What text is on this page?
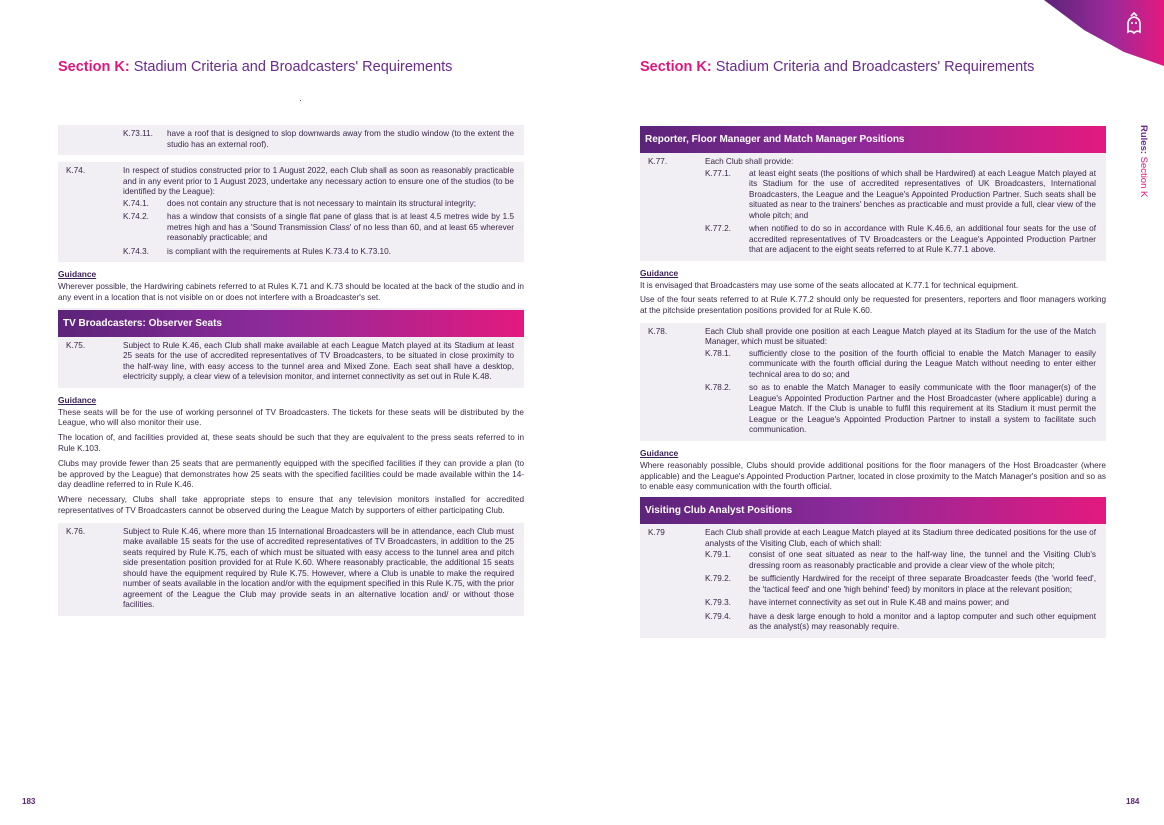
Section K: Stadium Criteria and Broadcasters' Requirements
K.73.11.	have a roof that is designed to slop downwards away from the studio window (to the extent the studio has an external roof).
K.74.	In respect of studios constructed prior to 1 August 2022, each Club shall as soon as reasonably practicable and in any event prior to 1 August 2023, undertake any necessary action to ensure one of the studios (to be identified by the League):
K.74.1.	does not contain any structure that is not necessary to maintain its structural integrity;
K.74.2.	has a window that consists of a single flat pane of glass that is at least 4.5 metres wide by 1.5 metres high and has a 'Sound Transmission Class' of no less than 60, and at least 65 wherever reasonably practicable; and
K.74.3.	is compliant with the requirements at Rules K.73.4 to K.73.10.
Guidance
Wherever possible, the Hardwiring cabinets referred to at Rules K.71 and K.73 should be located at the back of the studio and in any event in a location that is not visible on or does not interfere with a Broadcaster's set.
TV Broadcasters: Observer Seats
K.75.	Subject to Rule K.46, each Club shall make available at each League Match played at its Stadium at least 25 seats for the use of accredited representatives of TV Broadcasters, to be situated in close proximity to the half-way line, with easy access to the tunnel area and Mixed Zone. Each seat shall have a desktop, electricity supply, a clear view of a television monitor, and internet connectivity as set out in Rule K.48.
Guidance
These seats will be for the use of working personnel of TV Broadcasters. The tickets for these seats will be distributed by the League, who will also monitor their use.
The location of, and facilities provided at, these seats should be such that they are equivalent to the press seats referred to in Rule K.103.
Clubs may provide fewer than 25 seats that are permanently equipped with the specified facilities if they can provide a plan (to be approved by the League) that demonstrates how 25 seats with the specified facilities could be made available within the 14-day deadline referred to in Rule K.46.
Where necessary, Clubs shall take appropriate steps to ensure that any television monitors installed for accredited representatives of TV Broadcasters cannot be observed during the League Match by supporters of either participating Club.
K.76.	Subject to Rule K.46, where more than 15 International Broadcasters will be in attendance, each Club must make available 15 seats for the use of accredited representatives of TV Broadcasters, in addition to the 25 seats required by Rule K.75, each of which must be situated with easy access to the tunnel area and pitch side presentation position provided for at Rule K.60. Where reasonably practicable, the additional 15 seats should have the equipment required by Rule K.75. However, where a Club is unable to make the required number of seats available in the location and/or with the equipment specified in this Rule K.75, with the prior agreement of the League the Club may provide seats in an alternative location and/ or without those facilities.
183
Section K: Stadium Criteria and Broadcasters' Requirements
Rules: Section K
Reporter, Floor Manager and Match Manager Positions
K.77.	Each Club shall provide:
K.77.1.	at least eight seats (the positions of which shall be Hardwired) at each League Match played at its Stadium for the use of accredited representatives of UK Broadcasters, International Broadcasters, the League and the League's Appointed Production Partner. Such seats shall be situated as near to the trainers' benches as practicable and must provide a full, clear view of the whole pitch; and
K.77.2.	when notified to do so in accordance with Rule K.46.6, an additional four seats for the use of accredited representatives of TV Broadcasters or the League's Appointed Production Partner that are adjacent to the eight seats referred to at Rule K.77.1 above.
Guidance
It is envisaged that Broadcasters may use some of the seats allocated at K.77.1 for technical equipment.
Use of the four seats referred to at Rule K.77.2 should only be requested for presenters, reporters and floor managers working at the pitchside presentation positions provided for at Rule K.60.
K.78.	Each Club shall provide one position at each League Match played at its Stadium for the use of the Match Manager, which must be situated:
K.78.1.	sufficiently close to the position of the fourth official to enable the Match Manager to easily communicate with the fourth official during the League Match without needing to enter either technical area to do so; and
K.78.2.	so as to enable the Match Manager to easily communicate with the floor manager(s) of the League's Appointed Production Partner and the Host Broadcaster (where applicable) during a League Match. If the Club is unable to fulfil this requirement at its Stadium it must permit the League or the League's Appointed Production Partner to install a system to facilitate such communication.
Guidance
Where reasonably possible, Clubs should provide additional positions for the floor managers of the Host Broadcaster (where applicable) and the League's Appointed Production Partner, located in close proximity to the Match Manager's position and so as to enable easy communication with the fourth official.
Visiting Club Analyst Positions
K.79	Each Club shall provide at each League Match played at its Stadium three dedicated positions for the use of analysts of the Visiting Club, each of which shall:
K.79.1.	consist of one seat situated as near to the half-way line, the tunnel and the Visiting Club's dressing room as reasonably practicable and provide a clear view of the whole pitch;
K.79.2.	be sufficiently Hardwired for the receipt of three separate Broadcaster feeds (the 'world feed', the 'tactical feed' and one 'high behind' feed) by monitors in place at the relevant position;
K.79.3.	have internet connectivity as set out in Rule K.48 and mains power; and
K.79.4.	have a desk large enough to hold a monitor and a laptop computer and such other equipment as the analyst(s) may reasonably require.
184
